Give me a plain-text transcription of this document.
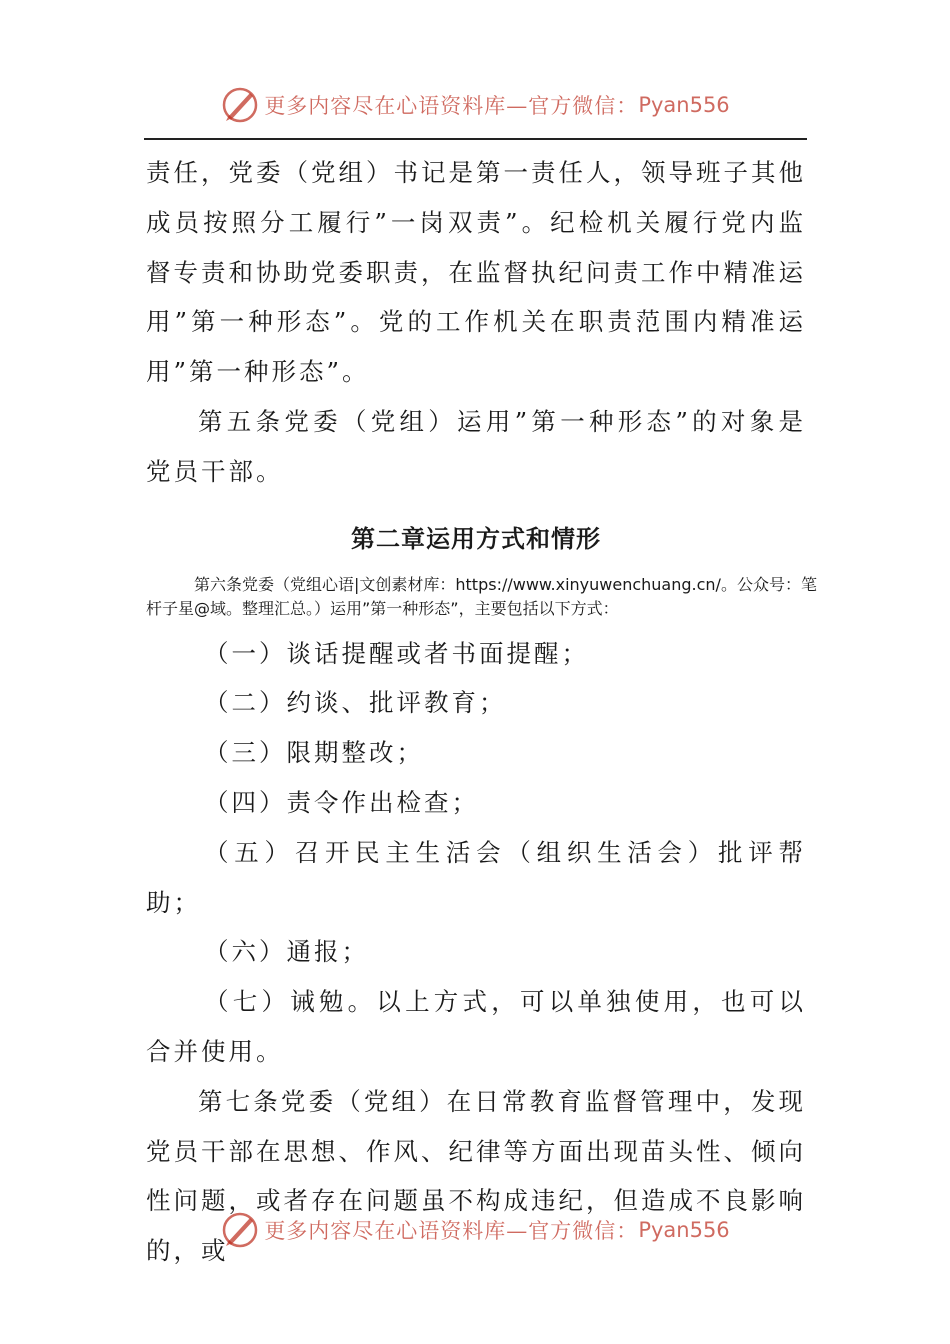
更多内容尽在心语资料库—官方微信： Pyan556

责任，党委（党组）书记是第一责任人，领导班子其他成员按照分工履行”一岗双责”。纪检机关履行党内监督专责和协助党委职责，在监督执纪问责工作中精准运用”第一种形态”。党的工作机关在职责范围内精准运用”第一种形态”。

第五条党委（党组）运用”第一种形态”的对象是党员干部。

第二章运用方式和情形

第六条党委（党组心语|文创素材库：https://www.xinyuwenchuang.cn/。公众号：笔杆子星@域。整理汇总。）运用”第一种形态”，主要包括以下方式：

（一）谈话提醒或者书面提醒；

（二）约谈、批评教育；

（三）限期整改；

（四）责令作出检查；

（五）召开民主生活会（组织生活会）批评帮助；

（六）通报；

（七）诫勉。以上方式，可以单独使用，也可以合并使用。

第七条党委（党组）在日常教育监督管理中，发现党员干部在思想、作风、纪律等方面出现苗头性、倾向性问题，或者存在问题虽不构成违纪，但造成不良影响的，或

更多内容尽在心语资料库—官方微信： Pyan556
